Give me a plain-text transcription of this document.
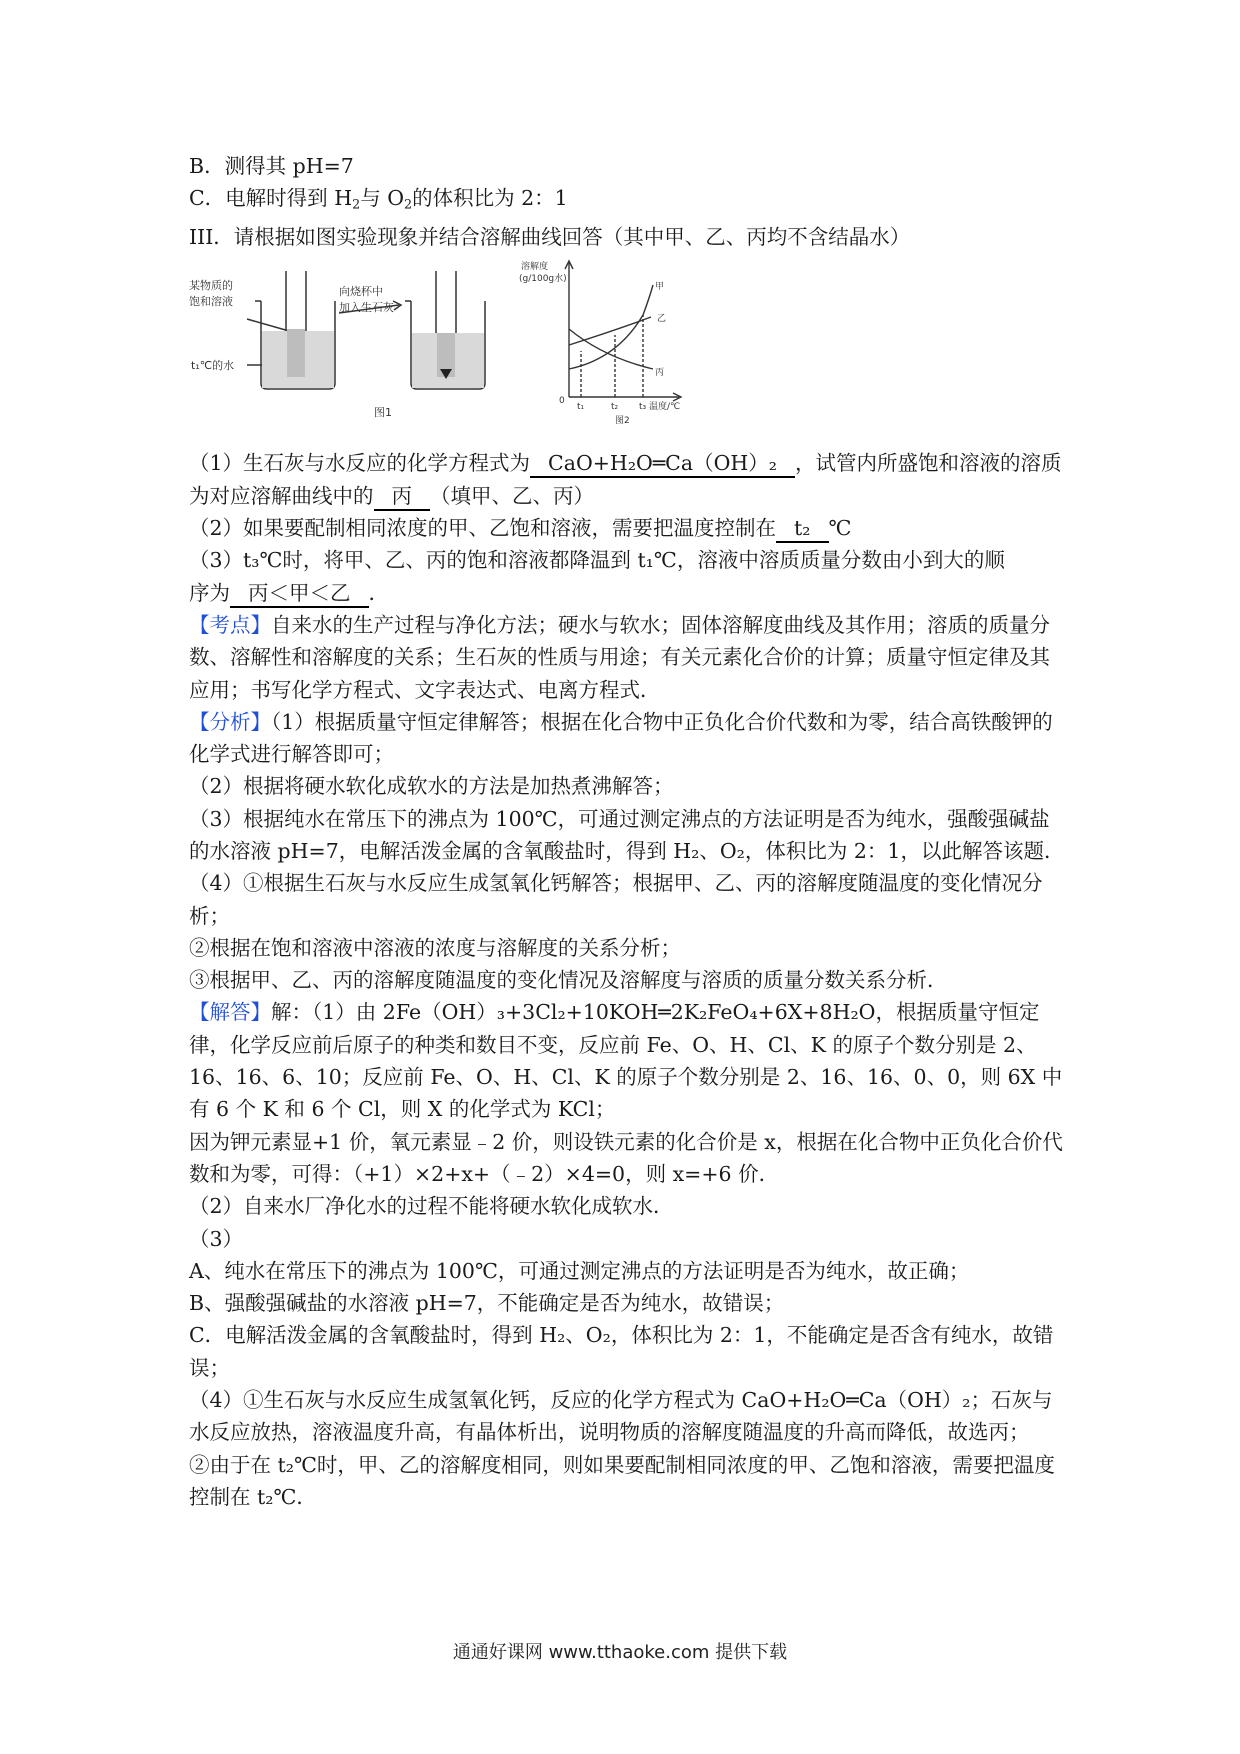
B．测得其 pH=7
C．电解时得到 $H_2$与 $O_2$的体积比为 2：1
III．请根据如图实验现象并结合溶解曲线回答（其中甲、乙、丙均不含结晶水）
某物质的
饱和溶液
t₁℃的水
向烧杯中
加入生石灰
图1
溶解度
(g/100g水)
甲
乙
丙
0
t₁	t₂ t₃ 温度/℃
图2
（1）生石灰与水反应的化学方程式为 CaO+H₂O═Ca（OH）₂ ，试管内所盛饱和溶液的溶质
为对应溶解曲线中的 丙 （填甲、乙、丙）
（2）如果要配制相同浓度的甲、乙饱和溶液，需要把温度控制在 t₂ ℃
（3）t₃℃时，将甲、乙、丙的饱和溶液都降温到 t₁℃，溶液中溶质质量分数由小到大的顺
序为 丙＜甲＜乙 ．
【考点】自来水的生产过程与净化方法；硬水与软水；固体溶解度曲线及其作用；溶质的质量分数、溶解性和溶解度的关系；生石灰的性质与用途；有关元素化合价的计算；质量守恒定律及其应用；书写化学方程式、文字表达式、电离方程式．
【分析】（1）根据质量守恒定律解答；根据在化合物中正负化合价代数和为零，结合高铁酸钾的化学式进行解答即可；
（2）根据将硬水软化成软水的方法是加热煮沸解答；
（3）根据纯水在常压下的沸点为 100℃，可通过测定沸点的方法证明是否为纯水，强酸强碱盐的水溶液 pH=7，电解活泼金属的含氧酸盐时，得到 H₂、O₂，体积比为 2：1，以此解答该题．
（4）①根据生石灰与水反应生成氢氧化钙解答；根据甲、乙、丙的溶解度随温度的变化情况分析；
②根据在饱和溶液中溶液的浓度与溶解度的关系分析；
③根据甲、乙、丙的溶解度随温度的变化情况及溶解度与溶质的质量分数关系分析．
【解答】解：（1）由 2Fe（OH）₃+3Cl₂+10KOH═2K₂FeO₄+6X+8H₂O，根据质量守恒定律，化学反应前后原子的种类和数目不变，反应前 Fe、O、H、Cl、K 的原子个数分别是 2、16、16、6、10；反应前 Fe、O、H、Cl、K 的原子个数分别是 2、16、16、0、0，则 6X 中有 6 个 K 和 6 个 Cl，则 X 的化学式为 KCl；
因为钾元素显+1 价，氧元素显﹣2 价，则设铁元素的化合价是 x，根据在化合物中正负化合价代数和为零，可得：（+1）×2+x+（﹣2）×4=0，则 x=+6 价．
（2）自来水厂净化水的过程不能将硬水软化成软水．
（3）
A、纯水在常压下的沸点为 100℃，可通过测定沸点的方法证明是否为纯水，故正确；
B、强酸强碱盐的水溶液 pH=7，不能确定是否为纯水，故错误；
C．电解活泼金属的含氧酸盐时，得到 H₂、O₂，体积比为 2：1，不能确定是否含有纯水，故错误；
（4）①生石灰与水反应生成氢氧化钙，反应的化学方程式为 CaO+H₂O═Ca（OH）₂；石灰与水反应放热，溶液温度升高，有晶体析出，说明物质的溶解度随温度的升高而降低，故选丙；
②由于在 t₂℃时，甲、乙的溶解度相同，则如果要配制相同浓度的甲、乙饱和溶液，需要把温度控制在 t₂℃．
通通好课网 www.tthaoke.com 提供下载
